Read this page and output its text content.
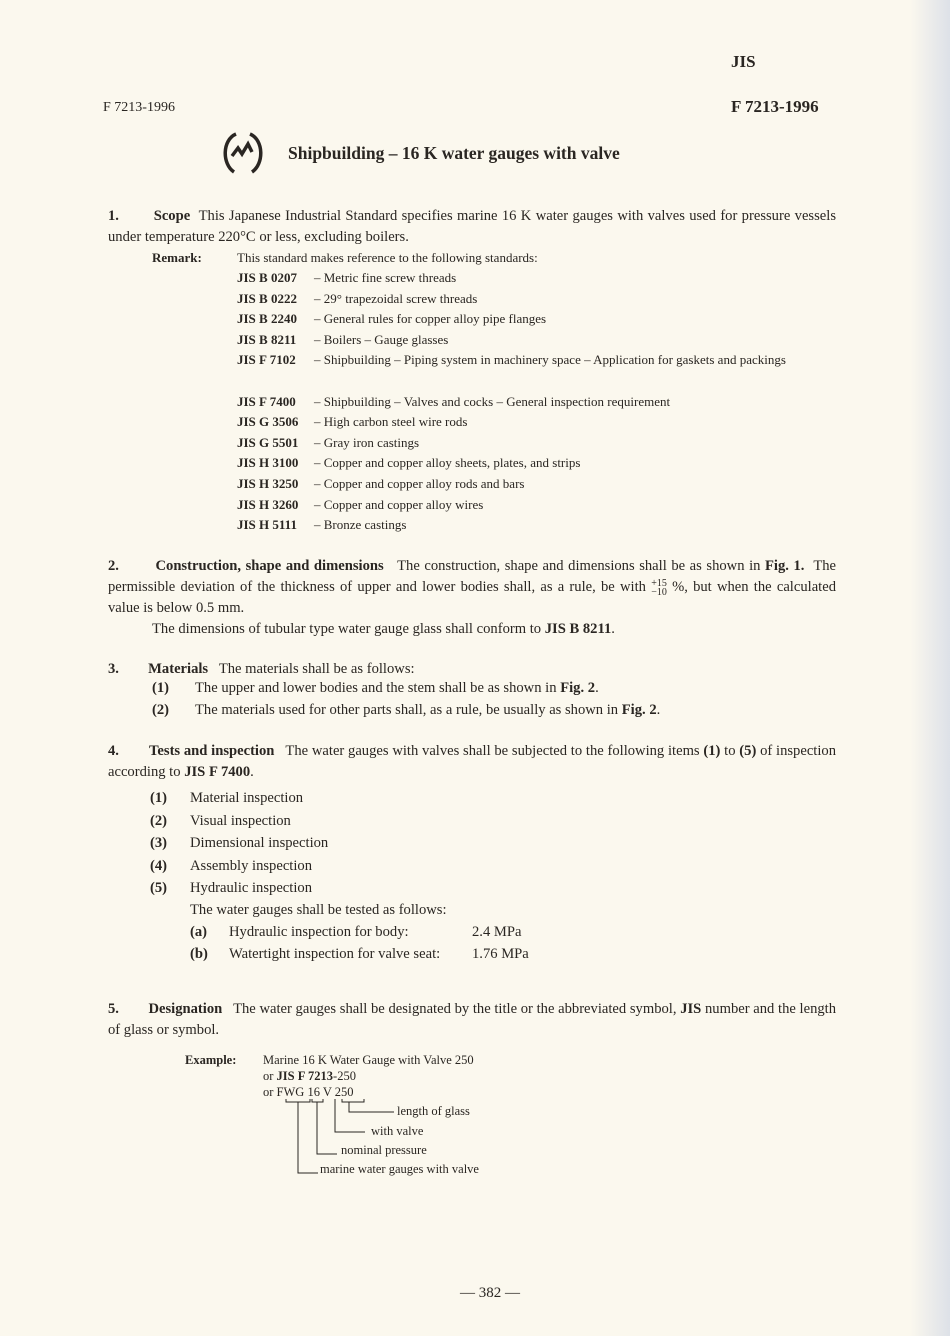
JIS
F 7213-1996	F 7213-1996
Shipbuilding – 16 K water gauges with valve
1. Scope This Japanese Industrial Standard specifies marine 16 K water gauges with valves used for pressure vessels under temperature 220°C or less, excluding boilers.
Remark:	This standard makes reference to the following standards:
JIS B 0207	– Metric fine screw threads
JIS B 0222	– 29° trapezoidal screw threads
JIS B 2240	– General rules for copper alloy pipe flanges
JIS B 8211	– Boilers – Gauge glasses
JIS F 7102	– Shipbuilding – Piping system in machinery space – Application for gaskets and packings
JIS F 7400	– Shipbuilding – Valves and cocks – General inspection requirement
JIS G 3506	– High carbon steel wire rods
JIS G 5501	– Gray iron castings
JIS H 3100	– Copper and copper alloy sheets, plates, and strips
JIS H 3250	– Copper and copper alloy rods and bars
JIS H 3260	– Copper and copper alloy wires
JIS H 5111	– Bronze castings
2.	Construction, shape and dimensions The construction, shape and dimensions shall be as shown in Fig. 1. The permissible deviation of the thickness of upper and lower bodies shall, as a rule, be with +15
−10 %, but when the calculated value is below 0.5 mm.
The dimensions of tubular type water gauge glass shall conform to JIS B 8211.
3. Materials The materials shall be as follows:
(1) The upper and lower bodies and the stem shall be as shown in Fig. 2.
(2) The materials used for other parts shall, as a rule, be usually as shown in Fig. 2.
4. Tests and inspection The water gauges with valves shall be subjected to the following items (1) to (5) of inspection according to JIS F 7400.
(1) Material inspection
(2) Visual inspection
(3) Dimensional inspection
(4) Assembly inspection
(5) Hydraulic inspection
The water gauges shall be tested as follows:
(a) Hydraulic inspection for body:	2.4 MPa
(b) Watertight inspection for valve seat: 1.76 MPa
5. Designation The water gauges shall be designated by the title or the abbreviated symbol, JIS number and the length of glass or symbol.
Example: Marine 16 K Water Gauge with Valve 250
or JIS F 7213-250
or FWG 16 V 250
length of glass
with valve
nominal pressure
marine water gauges with valve
— 382 —
